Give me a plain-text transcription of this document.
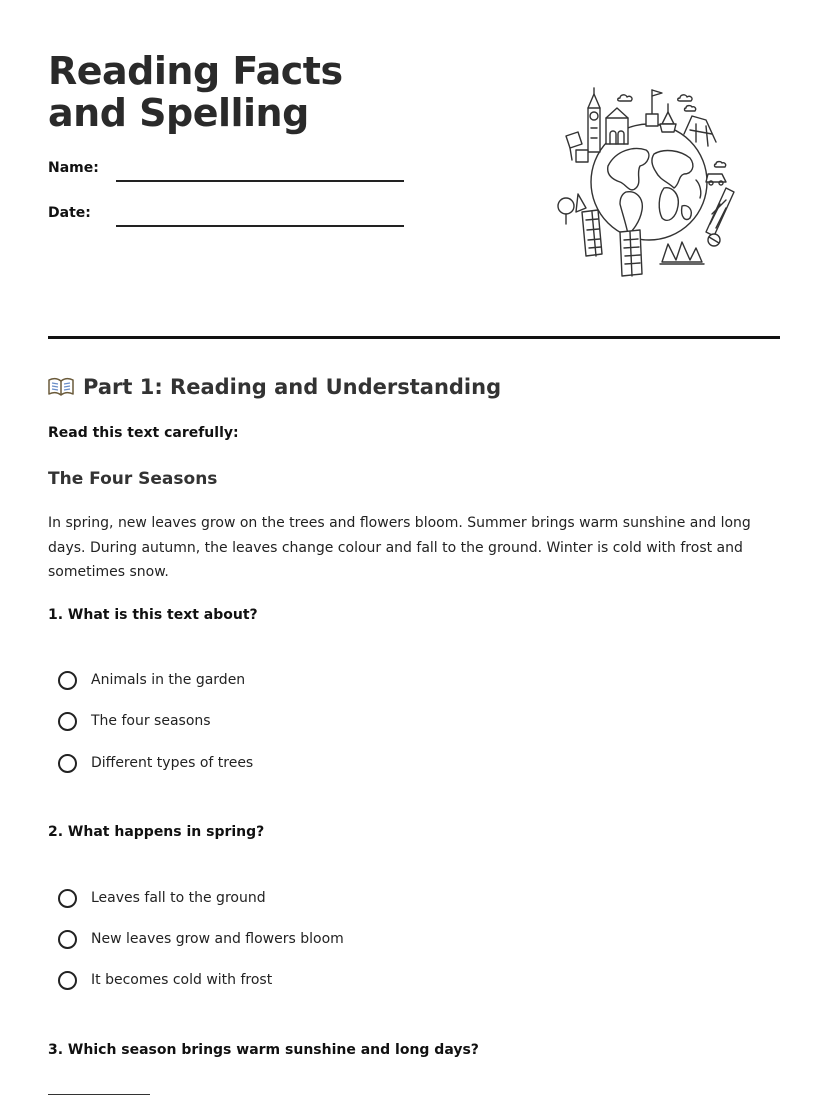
Reading Facts and Spelling
Name:
Date:
Part 1: Reading and Understanding
Read this text carefully:
The Four Seasons

In spring, new leaves grow on the trees and flowers bloom. Summer brings warm sunshine and long days. During autumn, the leaves change colour and fall to the ground. Winter is cold with frost and sometimes snow.

1. What is this text about?
Animals in the garden
The four seasons
Different types of trees
2. What happens in spring?
Leaves fall to the ground
New leaves grow and flowers bloom
It becomes cold with frost
3. Which season brings warm sunshine and long days?
